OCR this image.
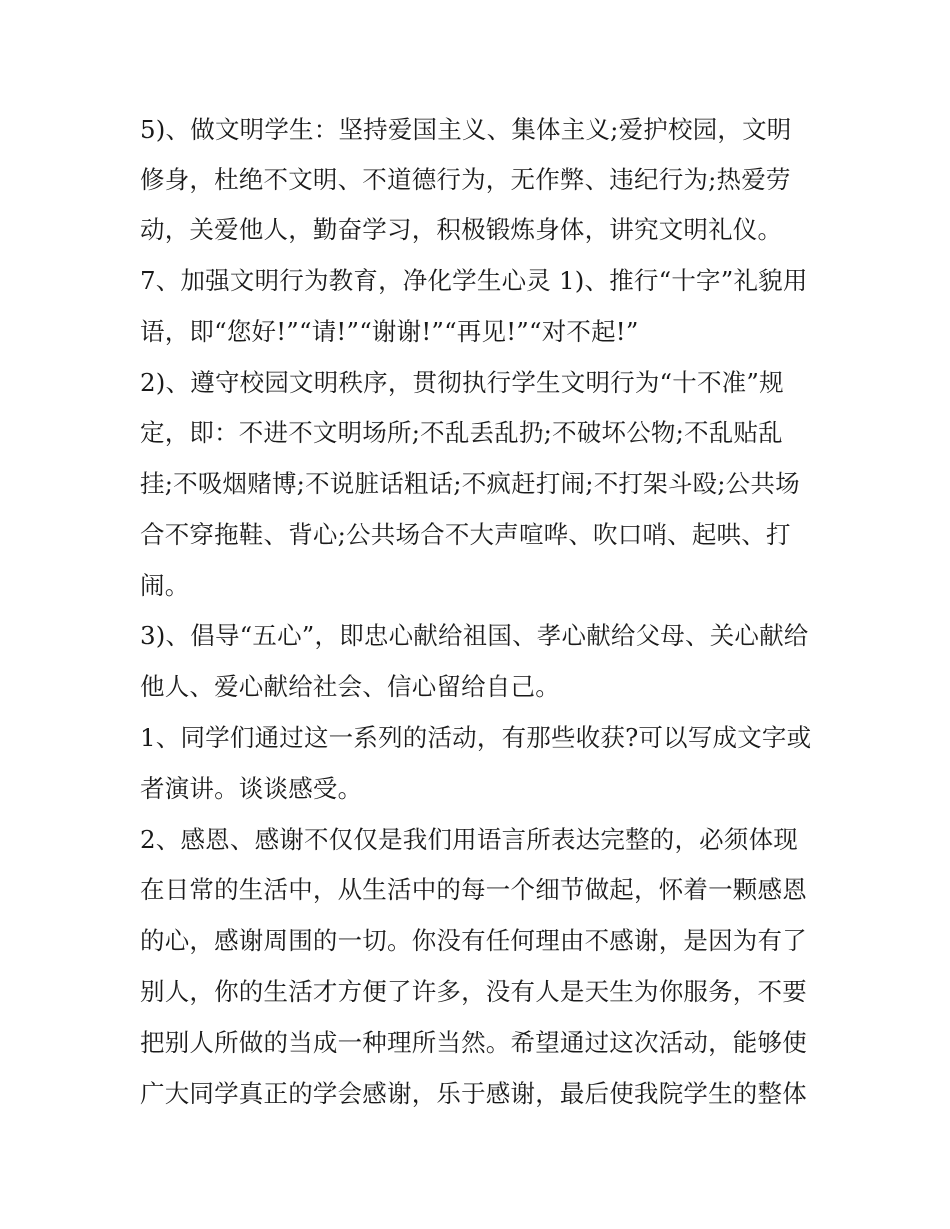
5)、做文明学生：坚持爱国主义、集体主义;爱护校园，文明
修身，杜绝不文明、不道德行为，无作弊、违纪行为;热爱劳
动，关爱他人，勤奋学习，积极锻炼身体，讲究文明礼仪。
7、加强文明行为教育，净化学生心灵 1)、推行“十字”礼貌用
语，即“您好!”“请!”“谢谢!”“再见!”“对不起!”
2)、遵守校园文明秩序，贯彻执行学生文明行为“十不准”规
定，即：不进不文明场所;不乱丢乱扔;不破坏公物;不乱贴乱
挂;不吸烟赌博;不说脏话粗话;不疯赶打闹;不打架斗殴;公共场
合不穿拖鞋、背心;公共场合不大声喧哗、吹口哨、起哄、打
闹。
3)、倡导“五心”，即忠心献给祖国、孝心献给父母、关心献给
他人、爱心献给社会、信心留给自己。
1、同学们通过这一系列的活动，有那些收获?可以写成文字或
者演讲。谈谈感受。
2、感恩、感谢不仅仅是我们用语言所表达完整的，必须体现
在日常的生活中，从生活中的每一个细节做起，怀着一颗感恩
的心，感谢周围的一切。你没有任何理由不感谢，是因为有了
别人，你的生活才方便了许多，没有人是天生为你服务，不要
把别人所做的当成一种理所当然。希望通过这次活动，能够使
广大同学真正的学会感谢，乐于感谢，最后使我院学生的整体
